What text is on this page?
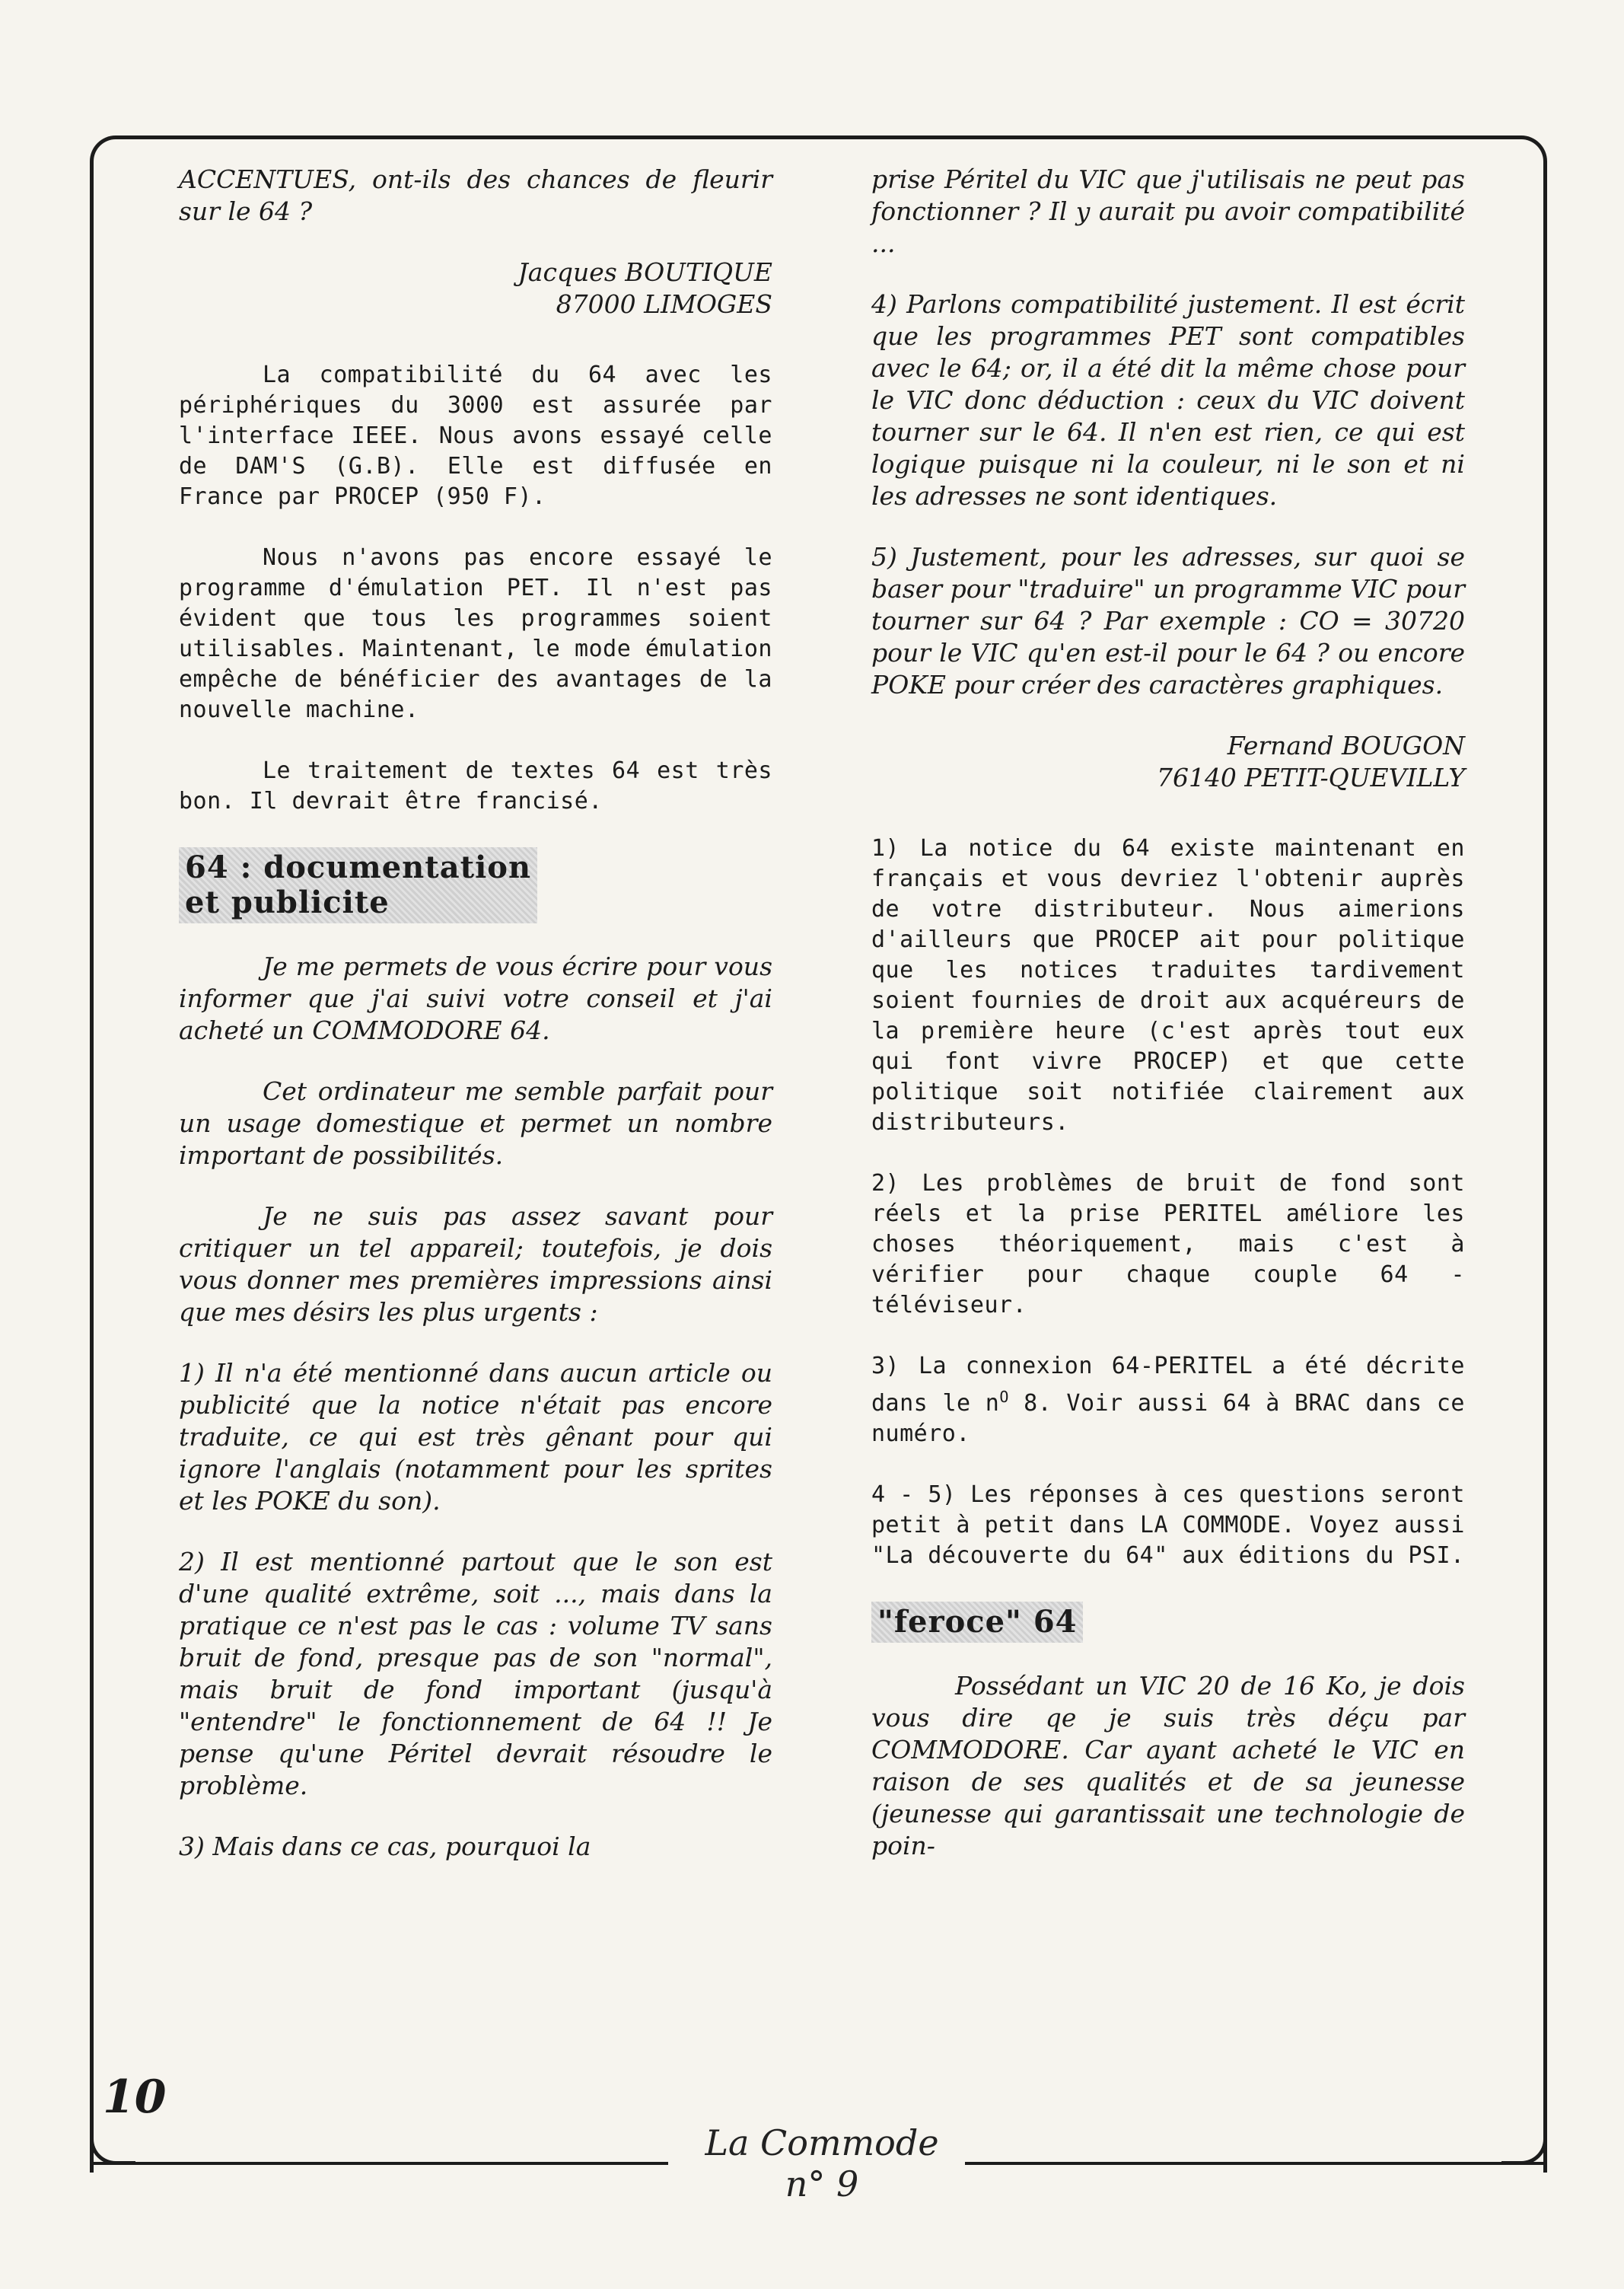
ACCENTUES, ont-ils des chances de fleurir sur le 64 ?

Jacques BOUTIQUE
87000 LIMOGES

La compatibilité du 64 avec les périphériques du 3000 est assurée par l'interface IEEE. Nous avons essayé celle de DAM'S (G.B). Elle est diffusée en France par PROCEP (950 F).

Nous n'avons pas encore essayé le programme d'émulation PET. Il n'est pas évident que tous les programmes soient utilisables. Maintenant, le mode émulation empêche de bénéficier des avantages de la nouvelle machine.

Le traitement de textes 64 est très bon. Il devrait être francisé.

64 : documentation
et publicite

Je me permets de vous écrire pour vous informer que j'ai suivi votre conseil et j'ai acheté un COMMODORE 64.

Cet ordinateur me semble parfait pour un usage domestique et permet un nombre important de possibilités.

Je ne suis pas assez savant pour critiquer un tel appareil; toutefois, je dois vous donner mes premières impressions ainsi que mes désirs les plus urgents :

1) Il n'a été mentionné dans aucun article ou publicité que la notice n'était pas encore traduite, ce qui est très gênant pour qui ignore l'anglais (notamment pour les sprites et les POKE du son).

2) Il est mentionné partout que le son est d'une qualité extrême, soit ..., mais dans la pratique ce n'est pas le cas : volume TV sans bruit de fond, presque pas de son "normal", mais bruit de fond important (jusqu'à "entendre" le fonctionnement de 64 !! Je pense qu'une Péritel devrait résoudre le problème.

3) Mais dans ce cas, pourquoi la

prise Péritel du VIC que j'utilisais ne peut pas fonctionner ? Il y aurait pu avoir compatibilité ...

4) Parlons compatibilité justement. Il est écrit que les programmes PET sont compatibles avec le 64; or, il a été dit la même chose pour le VIC donc déduction : ceux du VIC doivent tourner sur le 64. Il n'en est rien, ce qui est logique puisque ni la couleur, ni le son et ni les adresses ne sont identiques.

5) Justement, pour les adresses, sur quoi se baser pour "traduire" un programme VIC pour tourner sur 64 ? Par exemple : CO = 30720 pour le VIC qu'en est-il pour le 64 ? ou encore POKE pour créer des caractères graphiques.

Fernand BOUGON
76140 PETIT-QUEVILLY

1) La notice du 64 existe maintenant en français et vous devriez l'obtenir auprès de votre distributeur. Nous aimerions d'ailleurs que PROCEP ait pour politique que les notices traduites tardivement soient fournies de droit aux acquéreurs de la première heure (c'est après tout eux qui font vivre PROCEP) et que cette politique soit notifiée clairement aux distributeurs.

2) Les problèmes de bruit de fond sont réels et la prise PERITEL améliore les choses théoriquement, mais c'est à vérifier pour chaque couple 64 - téléviseur.

3) La connexion 64-PERITEL a été décrite dans le $n^O$ 8. Voir aussi 64 à BRAC dans ce numéro.

4 - 5) Les réponses à ces questions seront petit à petit dans LA COMMODE. Voyez aussi "La découverte du 64" aux éditions du PSI.

"feroce" 64

Possédant un VIC 20 de 16 Ko, je dois vous dire qe je suis très déçu par COMMODORE. Car ayant acheté le VIC en raison de ses qualités et de sa jeunesse (jeunesse qui garantissait une technologie de poin-

10
La Commode n° 9
